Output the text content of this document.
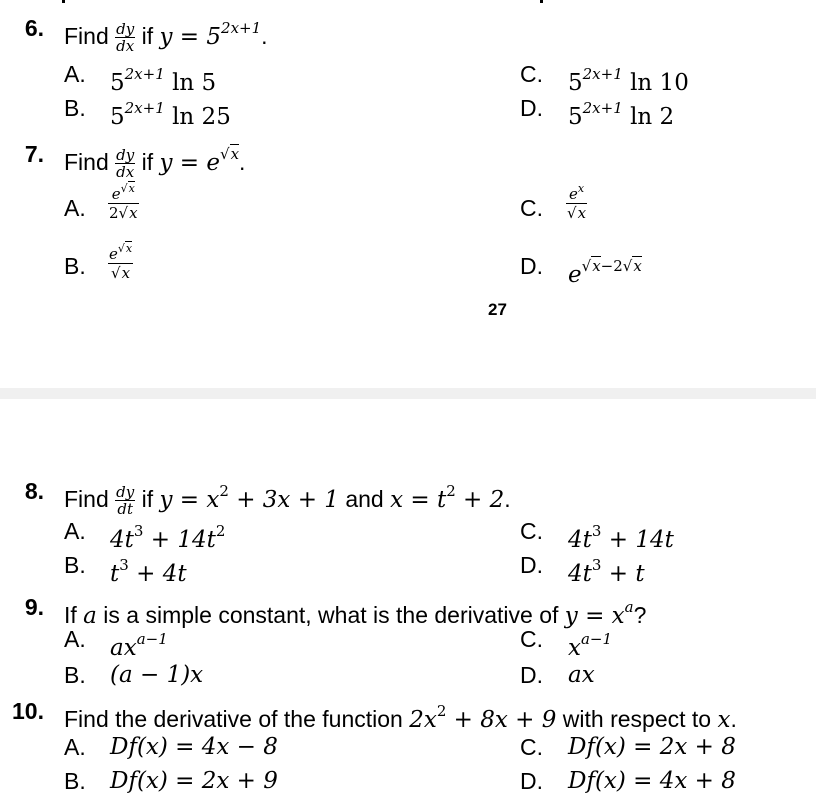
6. Find $\frac{dy}{dx}$ if $y = 5^{2x+1}$.
A. $5^{2x+1}$ ln 5	C. $5^{2x+1}$ ln 10
B. $5^{2x+1}$ ln 25	D. $5^{2x+1}$ ln 2
7. Find $\frac{dy}{dx}$ if $y = e^{√x}$.
A. $\frac{e^{√x}}{2√x}$	C. $\frac{e^x}{√x}$
B. $\frac{e^{√x}}{√x}$	D. $e^{√x-2√x}$
27
8. Find $\frac{dy}{dt}$ if $y = x^2 + 3x + 1$ and $x = t^2 + 2$.
A. $4t^3 + 14t^2$	C. $4t^3 + 14t$
B. $t^3 + 4t$	D. $4t^3 + t$
9. If a is a simple constant, what is the derivative of $y = x^a$?
A. $ax^{a-1}$	C. $x^{a-1}$
B. (a − 1)x	D. ax
10. Find the derivative of the function $2x^2 + 8x + 9$ with respect to x.
A. Df(x) = 4x − 8	C. Df(x) = 2x + 8
B. Df(x) = 2x + 9	D. Df(x) = 4x + 8
